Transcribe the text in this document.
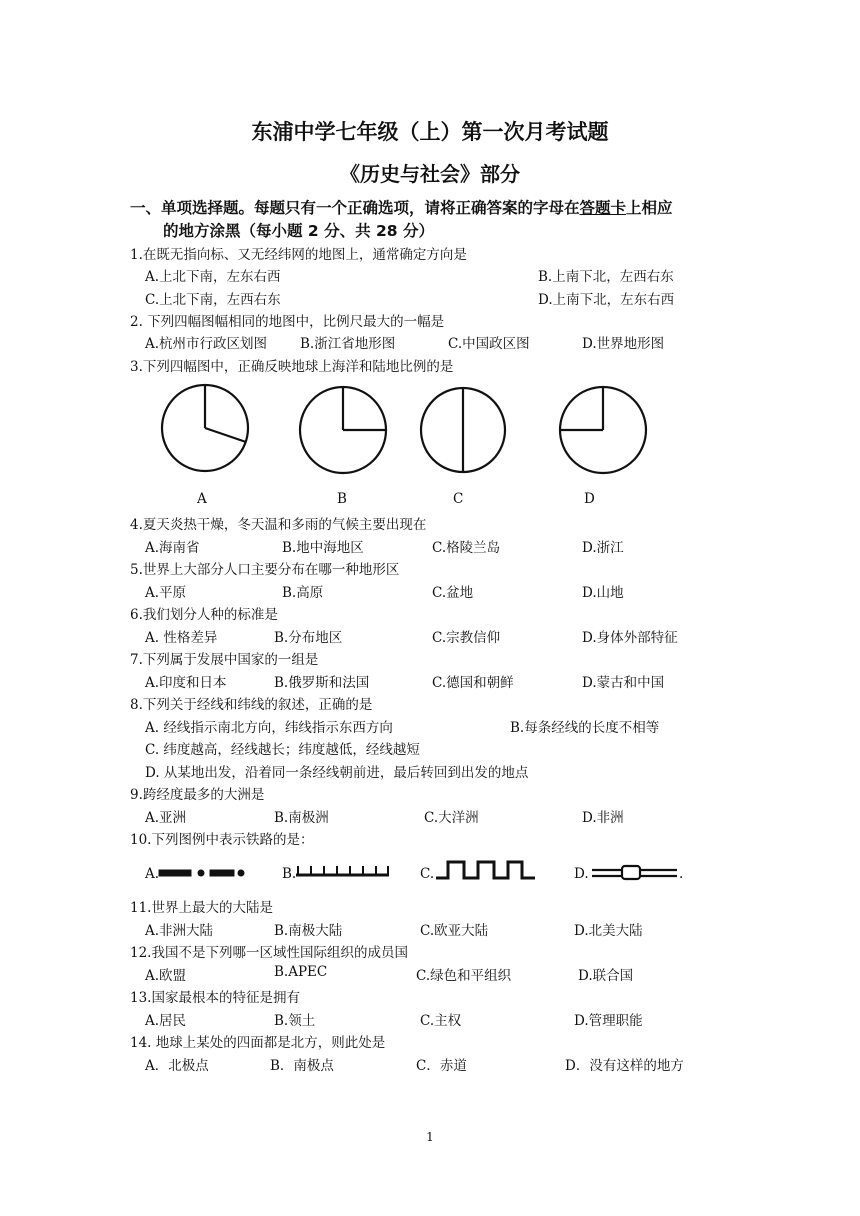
东浦中学七年级（上）第一次月考试题
《历史与社会》部分
一、单项选择题。每题只有一个正确选项，请将正确答案的字母在答题卡上相应
的地方涂黑（每小题 2 分、共 28 分）
1.在既无指向标、又无经纬网的地图上，通常确定方向是
A.上北下南，左东右西	B.上南下北，左西右东
C.上北下南，左西右东	D.上南下北，左东右西
2. 下列四幅图幅相同的地图中，比例尺最大的一幅是
A.杭州市行政区划图 B.浙江省地形图	C.中国政区图	D.世界地形图
3.下列四幅图中，正确反映地球上海洋和陆地比例的是
A	B	C	D
4.夏天炎热干燥，冬天温和多雨的气候主要出现在
A.海南省	B.地中海地区	C.格陵兰岛	D.浙江
5.世界上大部分人口主要分布在哪一种地形区
A.平原	B.高原	C.盆地	D.山地
6.我们划分人种的标准是
A. 性格差异	B.分布地区	C.宗教信仰	D.身体外部特征
7.下列属于发展中国家的一组是
A.印度和日本	B.俄罗斯和法国	C.德国和朝鲜	D.蒙古和中国
8.下列关于经线和纬线的叙述，正确的是
A. 经线指示南北方向，纬线指示东西方向	B.每条经线的长度不相等
C. 纬度越高，经线越长；纬度越低，经线越短
D. 从某地出发，沿着同一条经线朝前进，最后转回到出发的地点
9.跨经度最多的大洲是
A.亚洲	B.南极洲	C.大洋洲	D.非洲
10.下列图例中表示铁路的是：
A.	B.	C.	D.	.
11.世界上最大的大陆是
A.非洲大陆	B.南极大陆	C.欧亚大陆	D.北美大陆
12.我国不是下列哪一区域性国际组织的成员国
A.欧盟	B.APEC	C.绿色和平组织	D.联合国
13.国家最根本的特征是拥有
A.居民	B.领土	C.主权	D.管理职能
14. 地球上某处的四面都是北方，则此处是
A．北极点	B．南极点	C．赤道	D．没有这样的地方
1
